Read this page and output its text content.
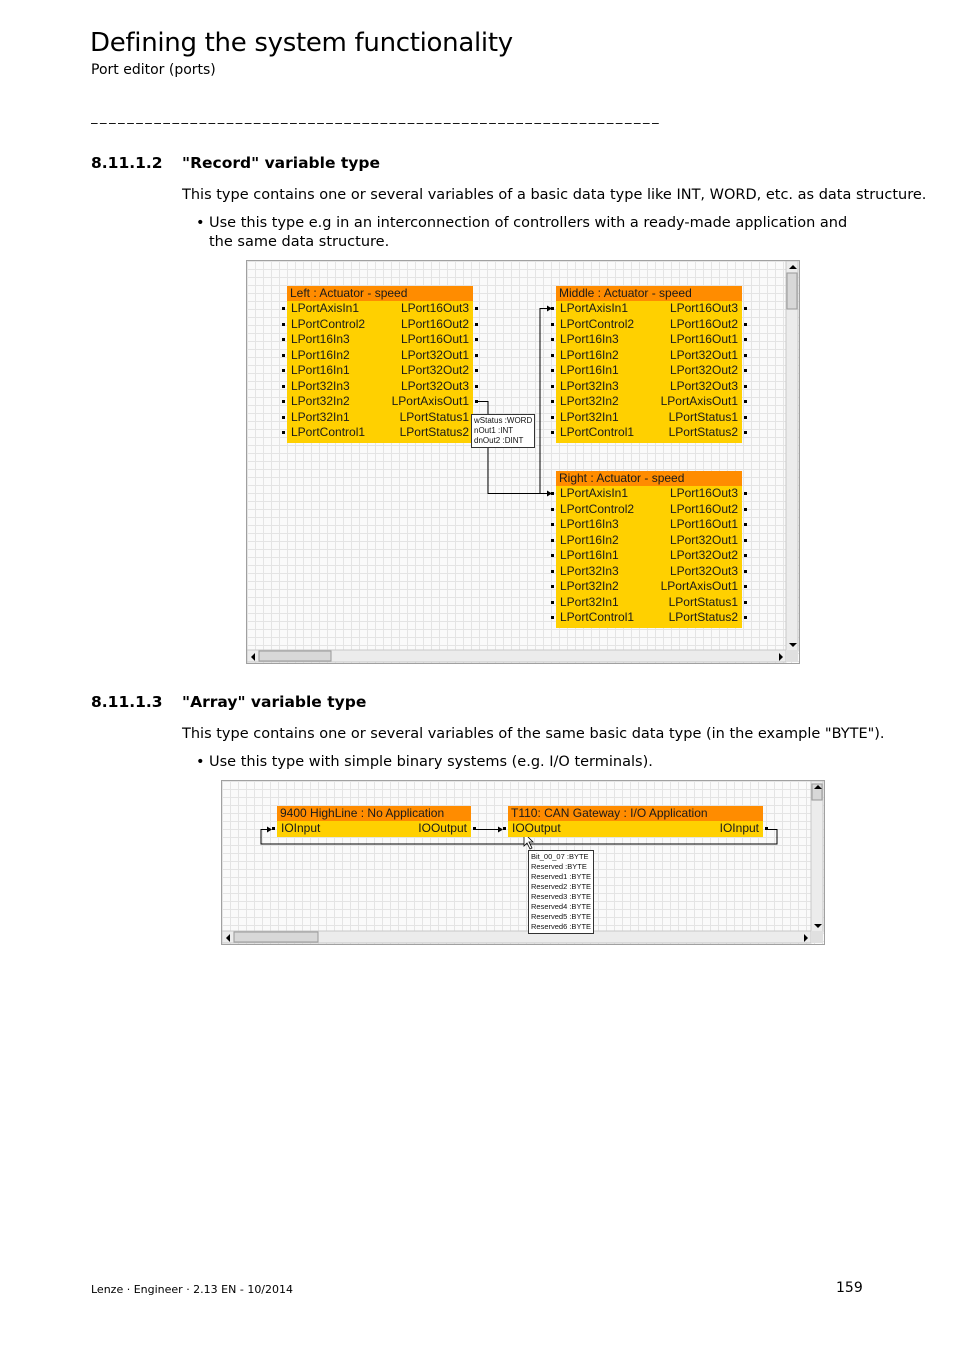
Defining the system functionality
Port editor (ports)
_______________________________________________________________
8.11.1.2 "Record" variable type
This type contains one or several variables of a basic data type like INT, WORD, etc. as data structure.
• Use this type e.g in an interconnection of controllers with a ready-made application and the same data structure.
Left : Actuator - speed
LPortAxisIn1
LPortControl2
LPort16In3
LPort16In2
LPort16In1
LPort32In3
LPort32In2
LPort32In1
LPortControl1
LPort16Out3
LPort16Out2
LPort16Out1
LPort32Out1
LPort32Out2
LPort32Out3
LPortAxisOut1
LPortStatus1
LPortStatus2
Middle : Actuator - speed
LPortAxisIn1
LPortControl2
LPort16In3
LPort16In2
LPort16In1
LPort32In3
LPort32In2
LPort32In1
LPortControl1
LPort16Out3
LPort16Out2
LPort16Out1
LPort32Out1
LPort32Out2
LPort32Out3
LPortAxisOut1
LPortStatus1
LPortStatus2
Right : Actuator - speed
LPortAxisIn1
LPortControl2
LPort16In3
LPort16In2
LPort16In1
LPort32In3
LPort32In2
LPort32In1
LPortControl1
LPort16Out3
LPort16Out2
LPort16Out1
LPort32Out1
LPort32Out2
LPort32Out3
LPortAxisOut1
LPortStatus1
LPortStatus2
wStatus :WORD
nOut1 :INT
dnOut2 :DINT
8.11.1.3 "Array" variable type
This type contains one or several variables of the same basic data type (in the example "BYTE").
• Use this type with simple binary systems (e.g. I/O terminals).
9400 HighLine : No Application
IOInput	IOOutput
T110: CAN Gateway : I/O Application
IOOutput	IOInput
Bit_00_07 :BYTE
Reserved :BYTE
Reserved1 :BYTE
Reserved2 :BYTE
Reserved3 :BYTE
Reserved4 :BYTE
Reserved5 :BYTE
Reserved6 :BYTE
Lenze · Engineer · 2.13 EN - 10/2014	159
